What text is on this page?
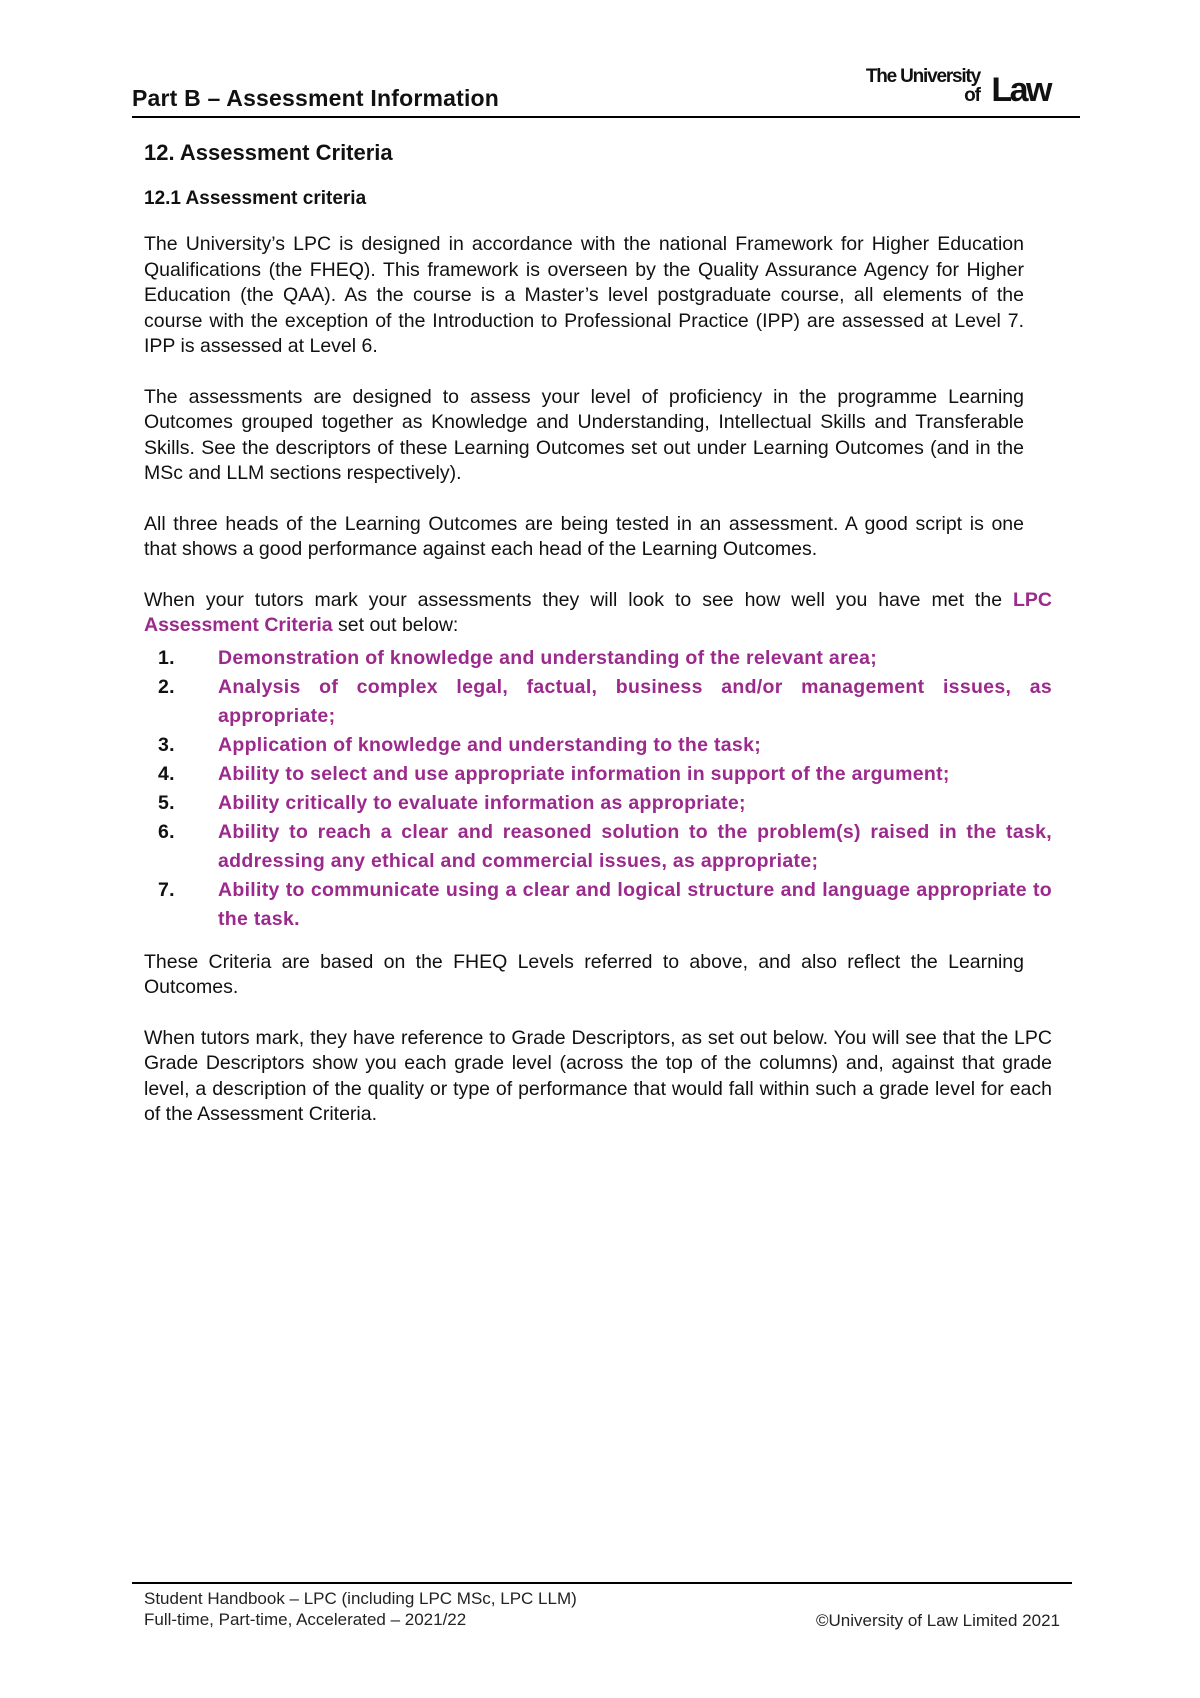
Part B – Assessment Information
The University
of Law
12. Assessment Criteria
12.1 Assessment criteria

The University’s LPC is designed in accordance with the national Framework for Higher Education Qualifications (the FHEQ). This framework is overseen by the Quality Assurance Agency for Higher Education (the QAA). As the course is a Master’s level postgraduate course, all elements of the course with the exception of the Introduction to Professional Practice (IPP) are assessed at Level 7. IPP is assessed at Level 6.

The assessments are designed to assess your level of proficiency in the programme Learning Outcomes grouped together as Knowledge and Understanding, Intellectual Skills and Transferable Skills. See the descriptors of these Learning Outcomes set out under Learning Outcomes (and in the MSc and LLM sections respectively).

All three heads of the Learning Outcomes are being tested in an assessment. A good script is one that shows a good performance against each head of the Learning Outcomes.

When your tutors mark your assessments they will look to see how well you have met the LPC Assessment Criteria set out below:

1. Demonstration of knowledge and understanding of the relevant area;
2. Analysis of complex legal, factual, business and/or management issues, as appropriate;
3. Application of knowledge and understanding to the task;
4. Ability to select and use appropriate information in support of the argument;
5. Ability critically to evaluate information as appropriate;
6. Ability to reach a clear and reasoned solution to the problem(s) raised in the task, addressing any ethical and commercial issues, as appropriate;
7. Ability to communicate using a clear and logical structure and language appropriate to the task.

These Criteria are based on the FHEQ Levels referred to above, and also reflect the Learning Outcomes.

When tutors mark, they have reference to Grade Descriptors, as set out below. You will see that the LPC Grade Descriptors show you each grade level (across the top of the columns) and, against that grade level, a description of the quality or type of performance that would fall within such a grade level for each of the Assessment Criteria.

Student Handbook – LPC (including LPC MSc, LPC LLM)
Full-time, Part-time, Accelerated – 2021/22	©University of Law Limited 2021
